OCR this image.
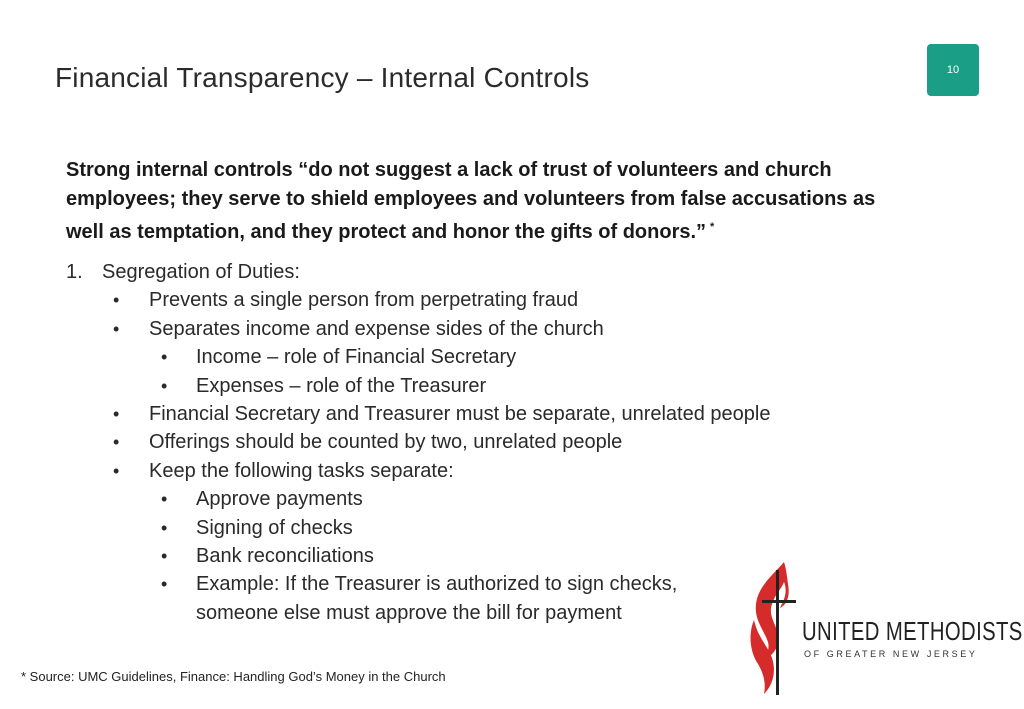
Financial Transparency – Internal Controls	10
Strong internal controls “do not suggest a lack of trust of volunteers and church employees; they serve to shield employees and volunteers from false accusations as well as temptation, and they protect and honor the gifts of donors.” *
1. Segregation of Duties:
• Prevents a single person from perpetrating fraud
• Separates income and expense sides of the church
• Income – role of Financial Secretary
• Expenses – role of the Treasurer
• Financial Secretary and Treasurer must be separate, unrelated people
• Offerings should be counted by two, unrelated people
• Keep the following tasks separate:
• Approve payments
• Signing of checks
• Bank reconciliations
• Example: If the Treasurer is authorized to sign checks,
someone else must approve the bill for payment
* Source: UMC Guidelines, Finance: Handling God’s Money in the Church
UNITED METHODISTS
OF GREATER NEW JERSEY
